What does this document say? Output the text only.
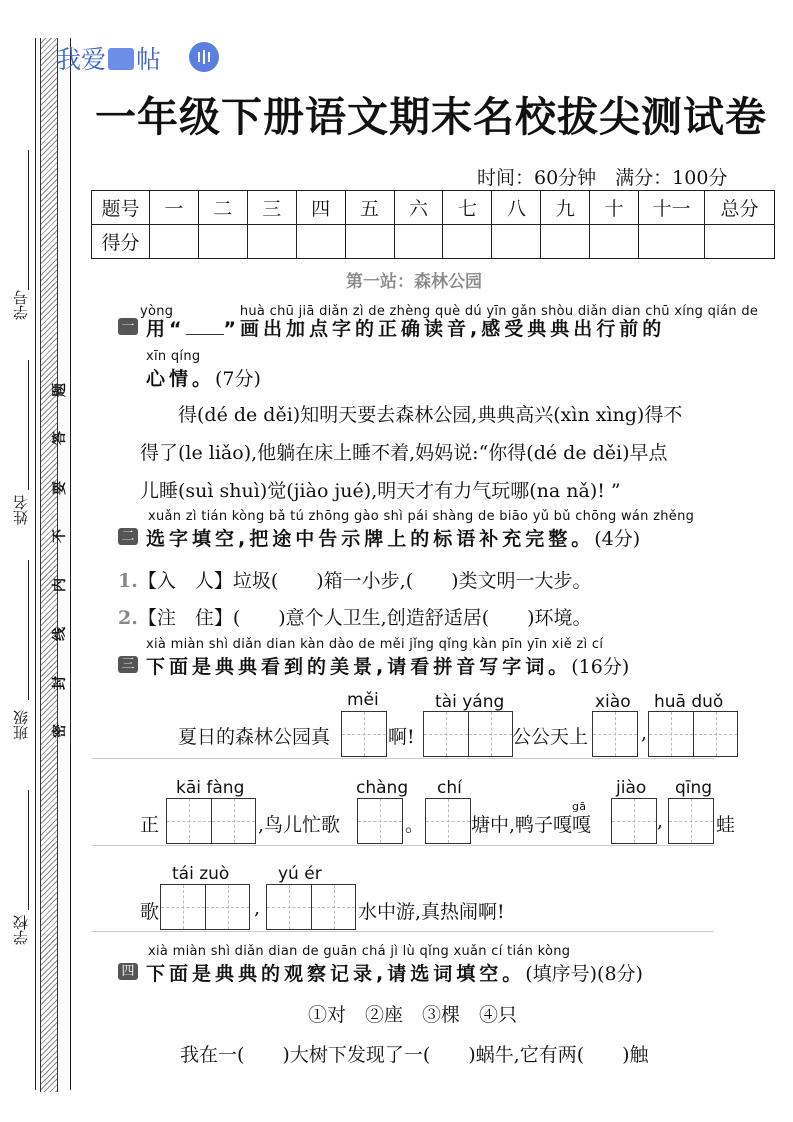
学号
姓名
班级
学校
题
答
要
不
内
线
封
密
我爱 帖
一年级下册语文期末名校拔尖测试卷
时间：60分钟　满分：100分
题号	一	二	三	四	五	六	七	八	九	十	十一	总分
得分												
第一站：森林公园
yòng　　　　　huà chū jiā diǎn zì de zhèng què dú yīn gǎn shòu diǎn dian chū xíng qián de
一 用“ ”画出加点字的正确读音,感受典典出行前的
xīn qíng
心情。(7分)
　　得(dé de děi)知明天要去森林公园,典典高兴(xìn xìng)得不
得了(le liǎo),他躺在床上睡不着,妈妈说:“你得(dé de děi)早点
儿睡(suì shuì)觉(jiào jué),明天才有力气玩哪(na nǎ)! ”
xuǎn zì tián kòng bǎ tú zhōng gào shì pái shàng de biāo yǔ bǔ chōng wán zhěng
二 选字填空,把途中告示牌上的标语补充完整。(4分)
1.【入　人】垃圾(　　)箱一小步,(　　)类文明一大步。
2.【注　住】(　　)意个人卫生,创造舒适居(　　)环境。
xià miàn shì diǎn dian kàn dào de měi jǐng qǐng kàn pīn yīn xiě zì cí
三 下面是典典看到的美景,请看拼音写字词。(16分)
夏日的森林公园真
měi
啊!
tài yáng
公公天上
xiào
,
huā duǒ
正
kāi fàng
,鸟儿忙歌
chàng
。
chí
塘中,鸭子嘎嘎
gā
jiào
,
qīng
蛙
歌
tái zuò
,
yú ér
水中游,真热闹啊!
xià miàn shì diǎn dian de guān chá jì lù qǐng xuǎn cí tián kòng
四 下面是典典的观察记录,请选词填空。(填序号)(8分)
①对　②座　③棵　④只
我在一(　　)大树下发现了一(　　)蜗牛,它有两(　　)触
